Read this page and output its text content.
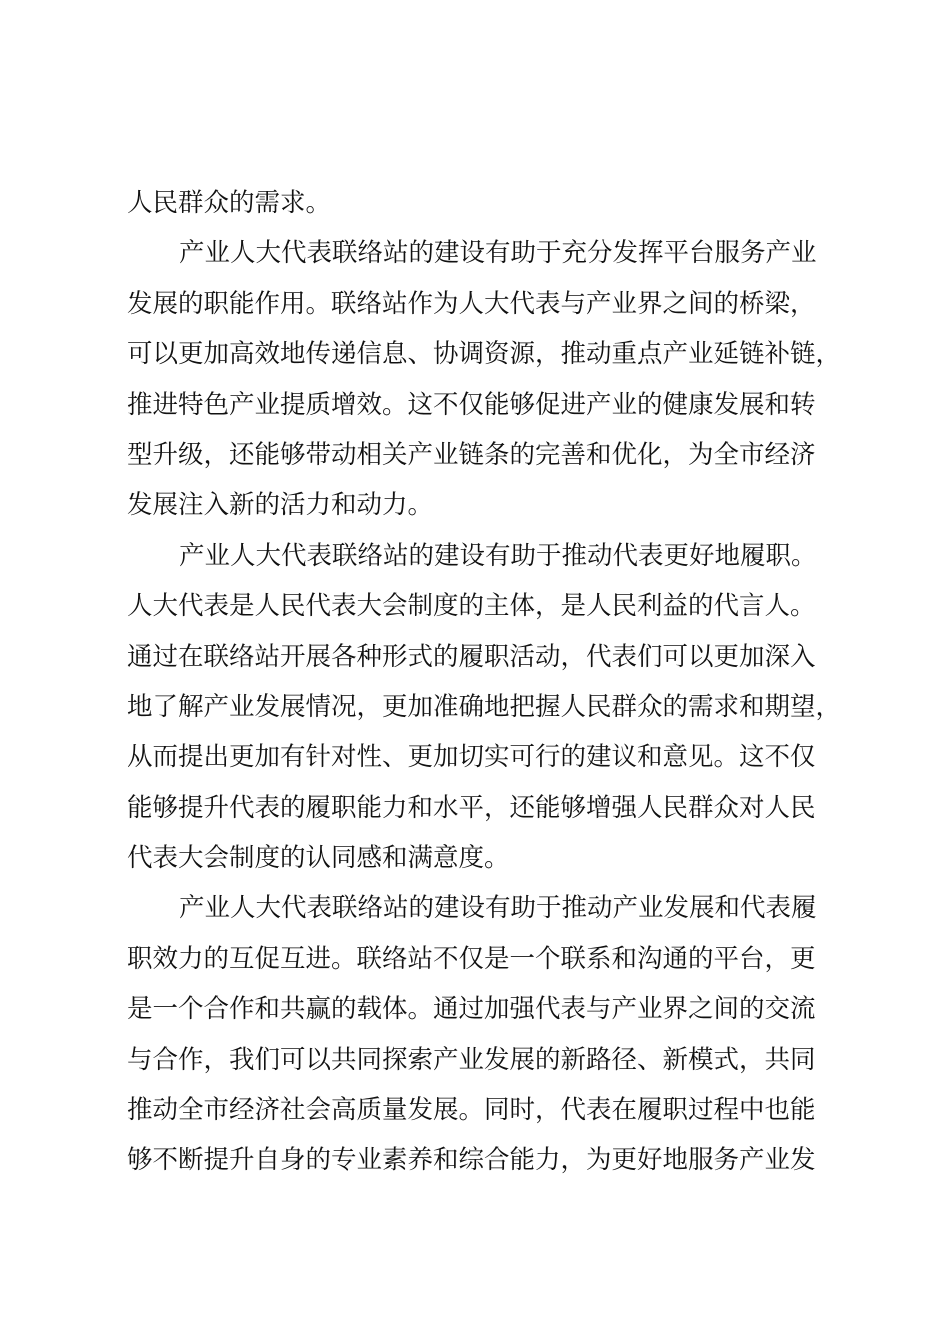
人民群众的需求。
产业人大代表联络站的建设有助于充分发挥平台服务产业
发展的职能作用。联络站作为人大代表与产业界之间的桥梁，
可以更加高效地传递信息、协调资源，推动重点产业延链补链，
推进特色产业提质增效。这不仅能够促进产业的健康发展和转
型升级，还能够带动相关产业链条的完善和优化，为全市经济
发展注入新的活力和动力。
产业人大代表联络站的建设有助于推动代表更好地履职。
人大代表是人民代表大会制度的主体，是人民利益的代言人。
通过在联络站开展各种形式的履职活动，代表们可以更加深入
地了解产业发展情况，更加准确地把握人民群众的需求和期望，
从而提出更加有针对性、更加切实可行的建议和意见。这不仅
能够提升代表的履职能力和水平，还能够增强人民群众对人民
代表大会制度的认同感和满意度。
产业人大代表联络站的建设有助于推动产业发展和代表履
职效力的互促互进。联络站不仅是一个联系和沟通的平台，更
是一个合作和共赢的载体。通过加强代表与产业界之间的交流
与合作，我们可以共同探索产业发展的新路径、新模式，共同
推动全市经济社会高质量发展。同时，代表在履职过程中也能
够不断提升自身的专业素养和综合能力，为更好地服务产业发
